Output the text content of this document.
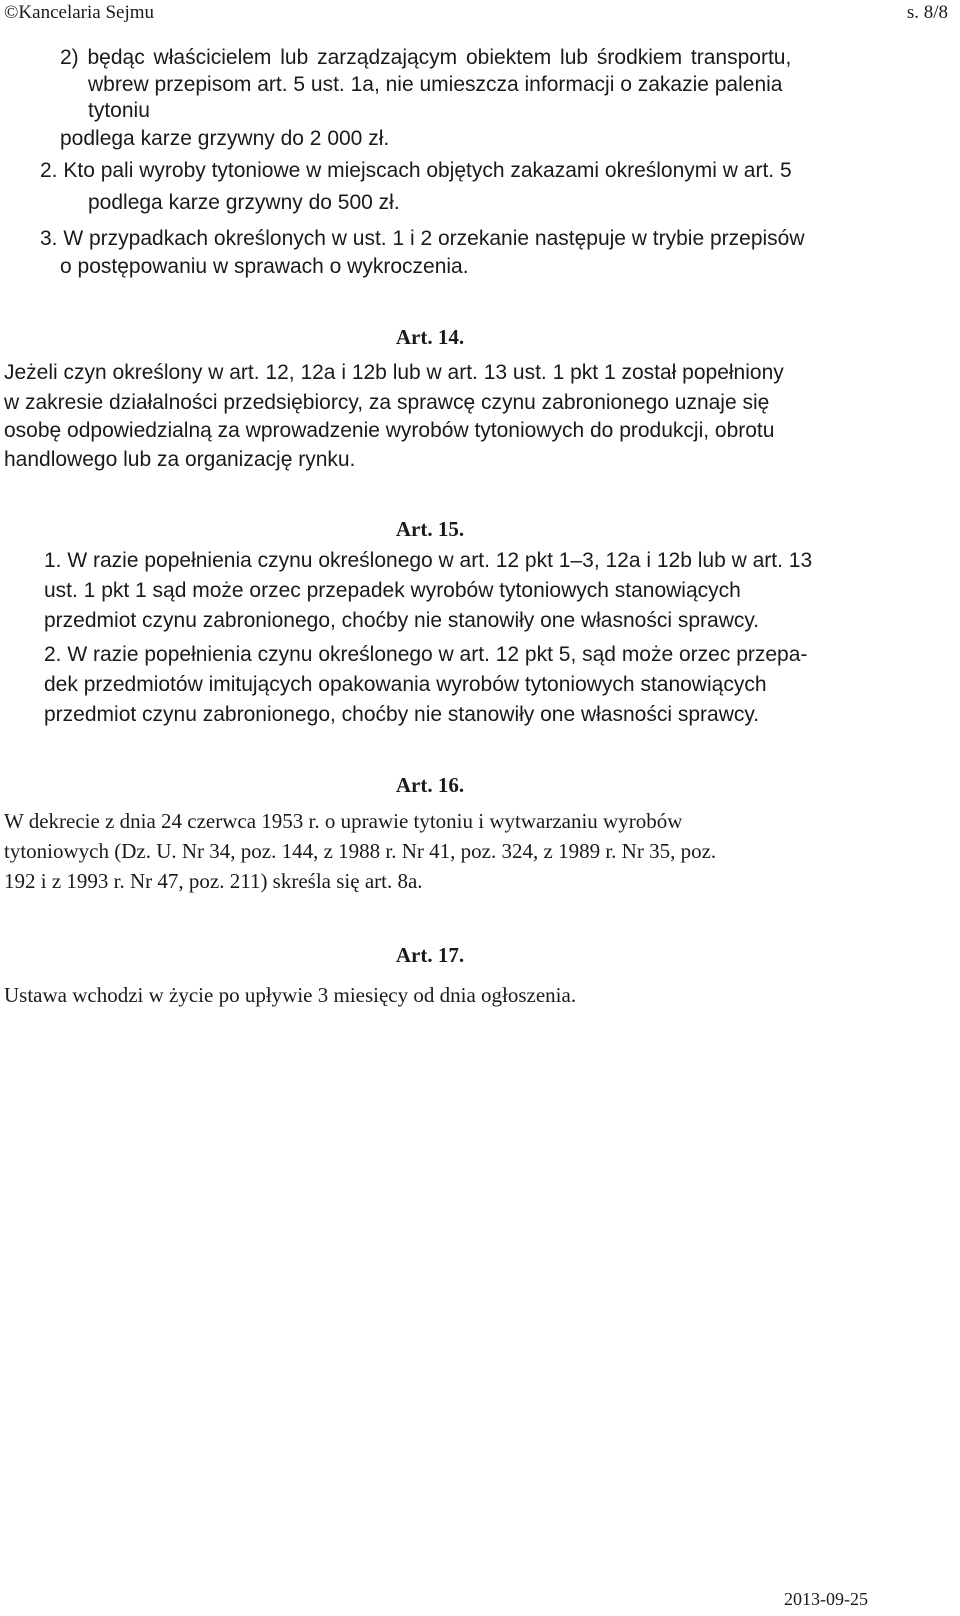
©Kancelaria Sejmu	s. 8/8
2) będąc właścicielem lub zarządzającym obiektem lub środkiem transportu,
wbrew przepisom art. 5 ust. 1a, nie umieszcza informacji o zakazie palenia
tytoniu
podlega karze grzywny do 2 000 zł.
2. Kto pali wyroby tytoniowe w miejscach objętych zakazami określonymi w art. 5
podlega karze grzywny do 500 zł.
3. W przypadkach określonych w ust. 1 i 2 orzekanie następuje w trybie przepisów
o postępowaniu w sprawach o wykroczenia.
Art. 14.
Jeżeli czyn określony w art. 12, 12a i 12b lub w art. 13 ust. 1 pkt 1 został popełniony
w zakresie działalności przedsiębiorcy, za sprawcę czynu zabronionego uznaje się
osobę odpowiedzialną za wprowadzenie wyrobów tytoniowych do produkcji, obrotu
handlowego lub za organizację rynku.
Art. 15.
1. W razie popełnienia czynu określonego w art. 12 pkt 1–3, 12a i 12b lub w art. 13
ust. 1 pkt 1 sąd może orzec przepadek wyrobów tytoniowych stanowiących
przedmiot czynu zabronionego, choćby nie stanowiły one własności sprawcy.
2. W razie popełnienia czynu określonego w art. 12 pkt 5, sąd może orzec przepa-
dek przedmiotów imitujących opakowania wyrobów tytoniowych stanowiących
przedmiot czynu zabronionego, choćby nie stanowiły one własności sprawcy.
Art. 16.
W dekrecie z dnia 24 czerwca 1953 r. o uprawie tytoniu i wytwarzaniu wyrobów
tytoniowych (Dz. U. Nr 34, poz. 144, z 1988 r. Nr 41, poz. 324, z 1989 r. Nr 35, poz.
192 i z 1993 r. Nr 47, poz. 211) skreśla się art. 8a.
Art. 17.
Ustawa wchodzi w życie po upływie 3 miesięcy od dnia ogłoszenia.
2013-09-25
